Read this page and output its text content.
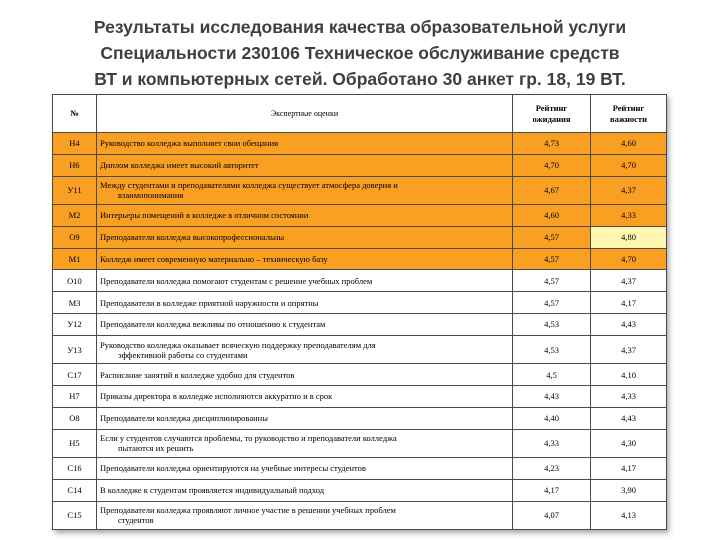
Результаты исследования качества образовательной услуги
Специальности 230106 Техническое обслуживание средств
ВТ и компьютерных сетей. Обработано 30 анкет гр. 18, 19 ВТ.
№	Экспертные оценки	Рейтинг ожидания	Рейтинг важности
Н4	Руководство колледжа выполняет свои обещания	4,73	4,60
Н6	Диплом колледжа имеет высокий авторитет	4,70	4,70
У11	Между студентами и преподавателями колледжа существует атмосфера доверия и
взаимопонимания	4,67	4,37
М2	Интерьеры помещений в колледже в отличном состоянии	4,60	4,33
О9	Преподаватели колледжа высокопрофессиональны	4,57	4,80
М1	Колледж имеет современную материально – техническую базу	4,57	4,70
О10	Преподаватели колледжа помогают студентам с решение учебных проблем	4,57	4,37
М3	Преподаватели в колледже приятной наружности и опрятны	4,57	4,17
У12	Преподаватели колледжа вежливы по отношению к студентам	4,53	4,43
У13	Руководство колледжа оказывает всяческую поддержку преподавателям для
эффективной работы со студентами	4,53	4,37
С17	Расписание занятий в колледже удобно для студентов	4,5	4,10
Н7	Приказы директора в колледже исполняются аккуратно и в срок	4,43	4,33
О8	Преподаватели колледжа дисциплинированны	4,40	4,43
Н5	Если у студентов случаются проблемы, то руководство и преподаватели колледжа
пытаются их решить	4,33	4,30
С16	Преподаватели колледжа ориентируются на учебные интересы студентов	4,23	4,17
С14	В колледже к студентам проявляется индивидуальный подход	4,17	3,90
С15	Преподаватели колледжа проявляют личное участие в решении учебных проблем
студентов	4,07	4,13
